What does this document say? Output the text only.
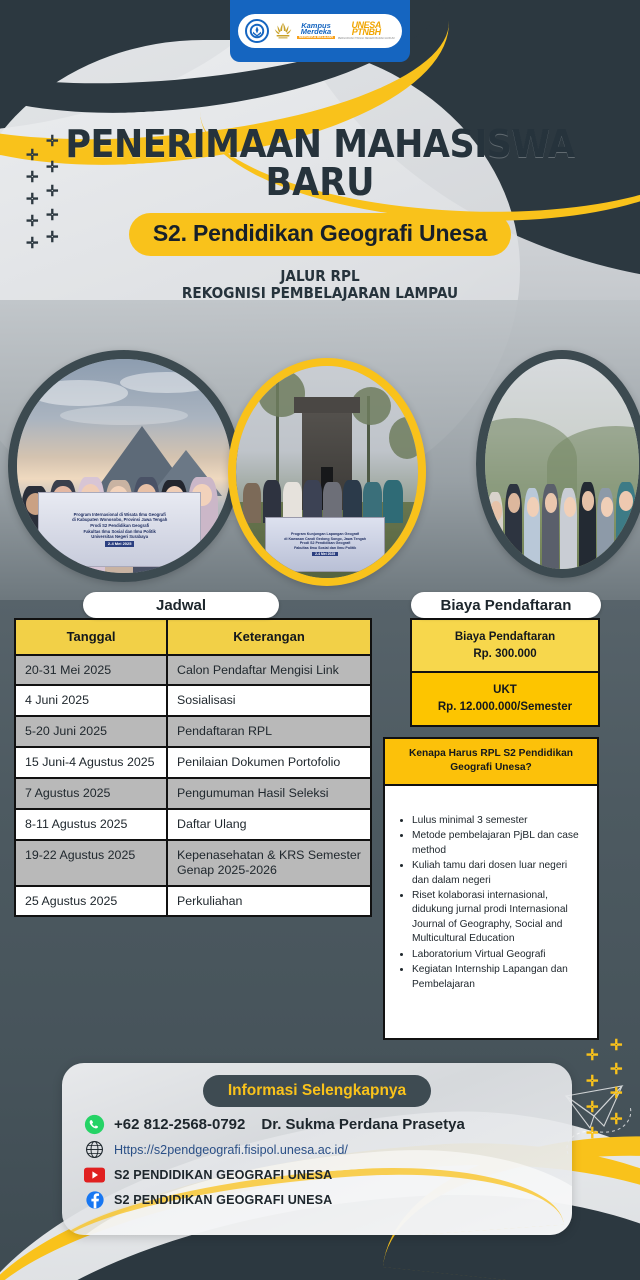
Kampus
Merdeka
MERDEKA BELAJAR
UNESA
PTNBH
PERGURUAN TINGGI NEGERI BADAN HUKUM
✛
✛
✛
✛
✛
✛
✛
✛
✛
✛
PENERIMAAN MAHASISWA
BARU
S2. Pendidikan Geografi Unesa
JALUR RPL
REKOGNISI PEMBELAJARAN LAMPAU
Program Internasional di Wisata Ilmu Geografi
di Kabupaten Wonosobo, Provinsi Jawa Tengah
Prodi S2 Pendidikan Geografi
Fakultas Ilmu Sosial dan Ilmu Politik
Universitas Negeri Surabaya
2-4 Mei 2025
Program Kunjungan Lapangan Geografi
di Kawasan Candi Gedong Songo, Jawa Tengah
Prodi S2 Pendidikan Geografi
Fakultas Ilmu Sosial dan Ilmu Politik
2-4 Mei 2025
Jadwal	Biaya Pendaftaran
Tanggal	Keterangan
20-31 Mei 2025	Calon Pendaftar Mengisi Link
4 Juni 2025	Sosialisasi
5-20 Juni 2025	Pendaftaran RPL
15 Juni-4 Agustus 2025	Penilaian Dokumen Portofolio
7 Agustus 2025	Pengumuman Hasil Seleksi
8-11 Agustus 2025	Daftar Ulang
19-22 Agustus 2025	Kepenasehatan & KRS Semester Genap 2025-2026
25 Agustus 2025	Perkuliahan
Biaya Pendaftaran
Rp. 300.000
UKT
Rp. 12.000.000/Semester
Kenapa Harus RPL S2 Pendidikan Geografi Unesa?
• Lulus minimal 3 semester
• Metode pembelajaran PjBL dan case method
• Kuliah tamu dari dosen luar negeri dan dalam negeri
• Riset kolaborasi internasional, didukung jurnal prodi Internasional Journal of Geography, Social and Multicultural Education
• Laboratorium Virtual Geografi
• Kegiatan Internship Lapangan dan Pembelajaran
✛
✛
✛
✛
✛
✛
✛
✛
Informasi Selengkapnya
+62 812-2568-0792 Dr. Sukma Perdana Prasetya
Https://s2pendgeografi.fisipol.unesa.ac.id/
S2 PENDIDIKAN GEOGRAFI UNESA
S2 PENDIDIKAN GEOGRAFI UNESA
